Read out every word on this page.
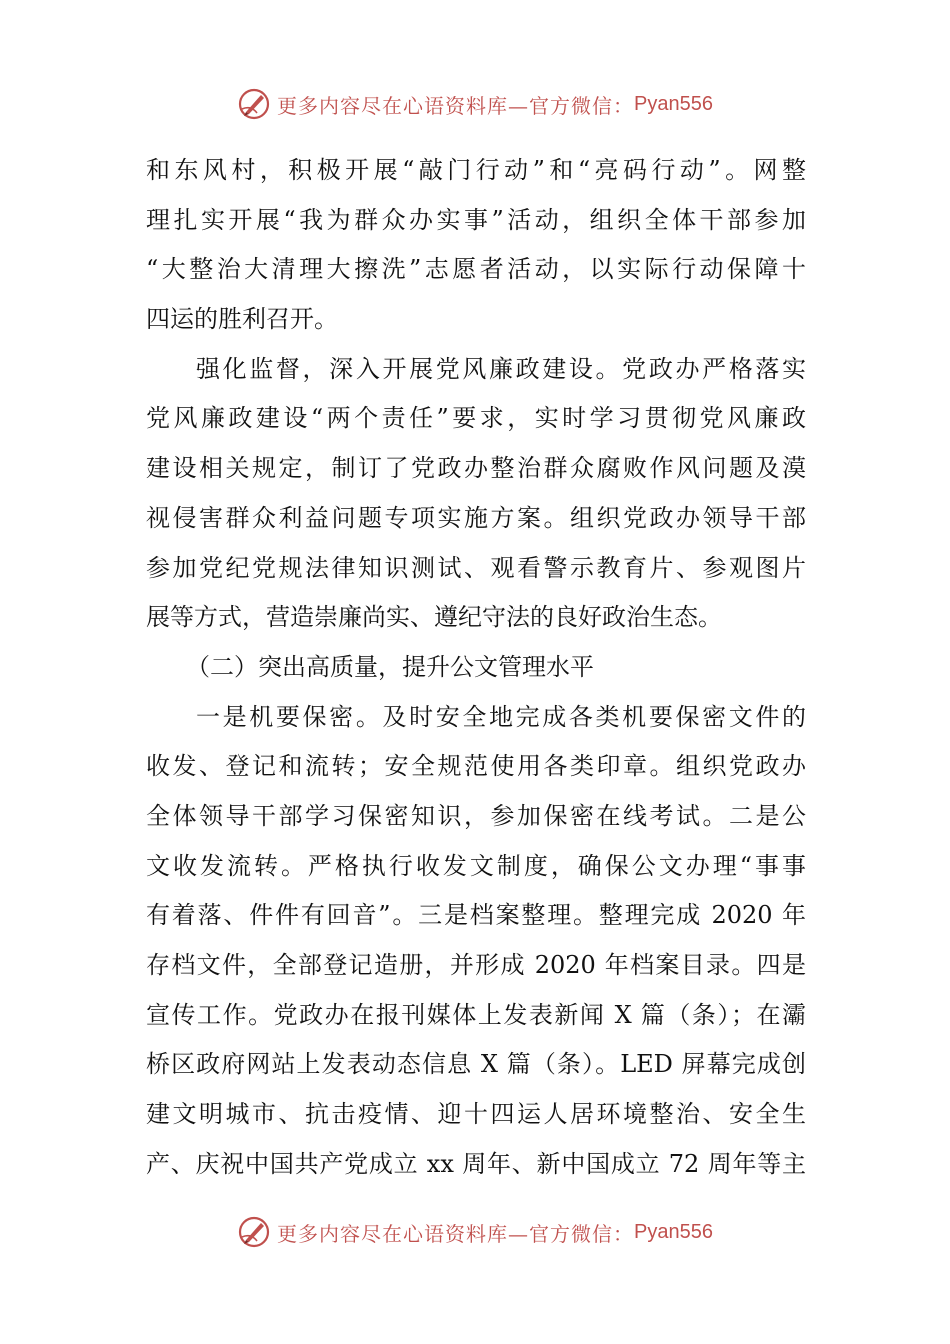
更多内容尽在心语资料库—官方微信： Pyan556
和东风村，积极开展“敲门行动”和“亮码行动”。网整
理扎实开展“我为群众办实事”活动，组织全体干部参加
“大整治大清理大擦洗”志愿者活动，以实际行动保障十
四运的胜利召开。
强化监督，深入开展党风廉政建设。党政办严格落实
党风廉政建设“两个责任”要求，实时学习贯彻党风廉政
建设相关规定，制订了党政办整治群众腐败作风问题及漠
视侵害群众利益问题专项实施方案。组织党政办领导干部
参加党纪党规法律知识测试、观看警示教育片、参观图片
展等方式，营造崇廉尚实、遵纪守法的良好政治生态。
（二）突出高质量，提升公文管理水平
一是机要保密。及时安全地完成各类机要保密文件的
收发、登记和流转；安全规范使用各类印章。组织党政办
全体领导干部学习保密知识，参加保密在线考试。二是公
文收发流转。严格执行收发文制度，确保公文办理“事事
有着落、件件有回音”。三是档案整理。整理完成 2020 年
存档文件，全部登记造册，并形成 2020 年档案目录。四是
宣传工作。党政办在报刊媒体上发表新闻 X 篇（条）；在灞
桥区政府网站上发表动态信息 X 篇（条）。LED 屏幕完成创
建文明城市、抗击疫情、迎十四运人居环境整治、安全生
产、庆祝中国共产党成立 xx 周年、新中国成立 72 周年等主
更多内容尽在心语资料库—官方微信： Pyan556
